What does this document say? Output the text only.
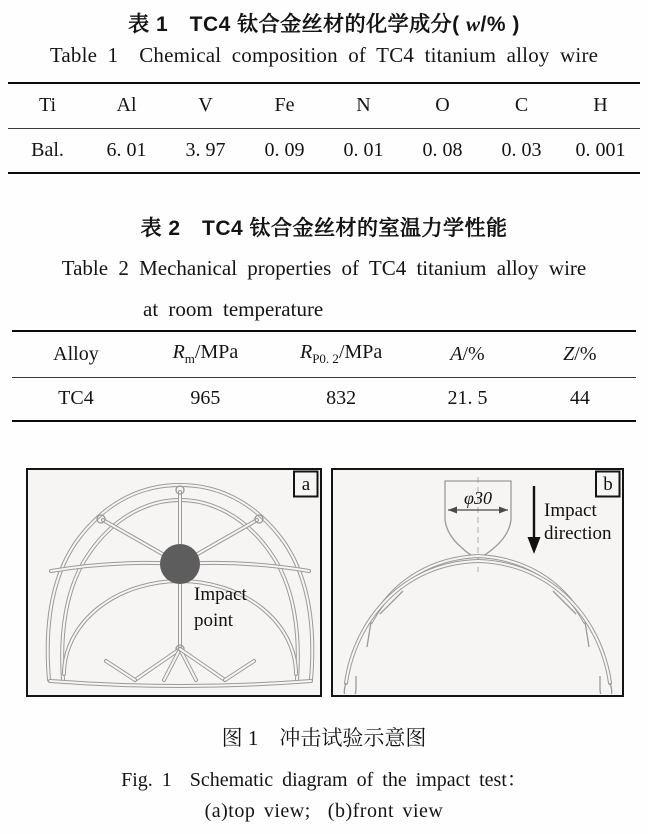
表 1　TC4 钛合金丝材的化学成分( w/% )
Table 1  Chemical composition of TC4 titanium alloy wire
Ti	Al	V	Fe	N	O	C	H
Bal.	6. 01	3. 97	0. 09	0. 01	0. 08	0. 03	0. 001
表 2　TC4 钛合金丝材的室温力学性能
Table 2 Mechanical properties of TC4 titanium alloy wire
at room temperature
Alloy	$R_m$/MPa	$R_{P0. 2}$/MPa	A/%	Z/%
TC4	965	832	21. 5	44
Impact
point
a
φ30
Impact
direction
b
图 1　冲击试验示意图
Fig. 1  Schematic diagram of the impact test：
(a)top view;  (b)front view
